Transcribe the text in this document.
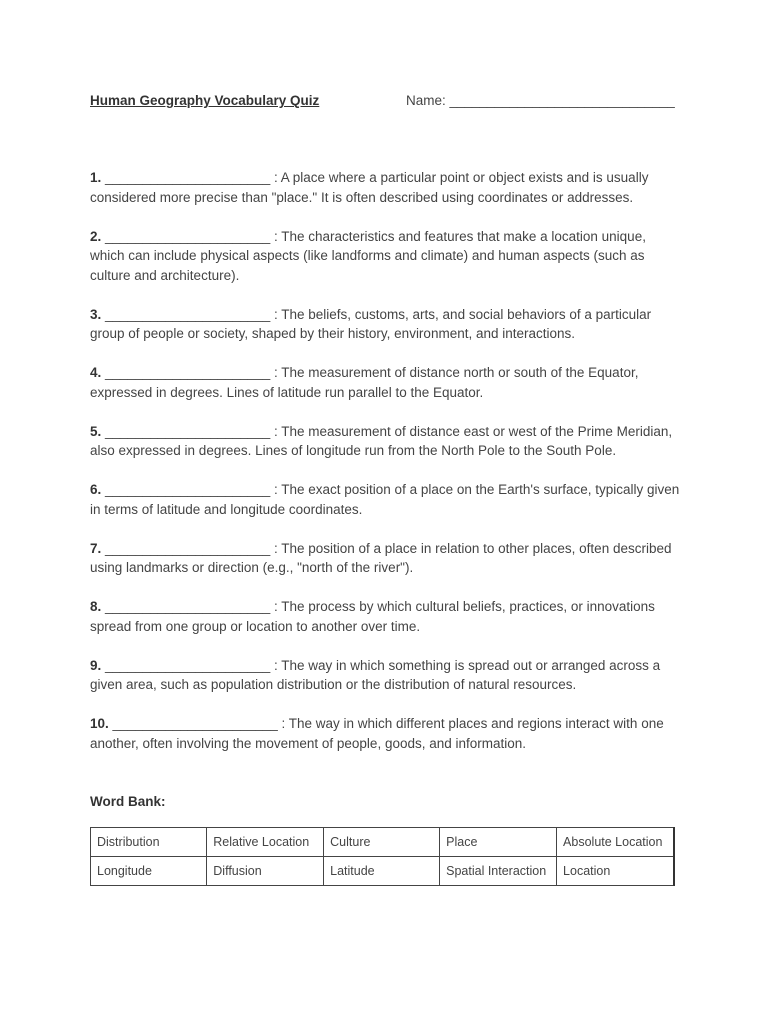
Human Geography Vocabulary Quiz	Name: ______________________________

1. ______________________ : A place where a particular point or object exists and is usually considered more precise than "place." It is often described using coordinates or addresses.

2. ______________________ : The characteristics and features that make a location unique, which can include physical aspects (like landforms and climate) and human aspects (such as culture and architecture).

3. ______________________ : The beliefs, customs, arts, and social behaviors of a particular group of people or society, shaped by their history, environment, and interactions.

4. ______________________ : The measurement of distance north or south of the Equator, expressed in degrees. Lines of latitude run parallel to the Equator.

5. ______________________ : The measurement of distance east or west of the Prime Meridian, also expressed in degrees. Lines of longitude run from the North Pole to the South Pole.

6. ______________________ : The exact position of a place on the Earth's surface, typically given in terms of latitude and longitude coordinates.

7. ______________________ : The position of a place in relation to other places, often described using landmarks or direction (e.g., "north of the river").

8. ______________________ : The process by which cultural beliefs, practices, or innovations spread from one group or location to another over time.

9. ______________________ : The way in which something is spread out or arranged across a given area, such as population distribution or the distribution of natural resources.

10. ______________________ : The way in which different places and regions interact with one another, often involving the movement of people, goods, and information.

Word Bank:
Distribution	Relative Location	Culture	Place	Absolute Location
Longitude	Diffusion	Latitude	Spatial Interaction	Location
